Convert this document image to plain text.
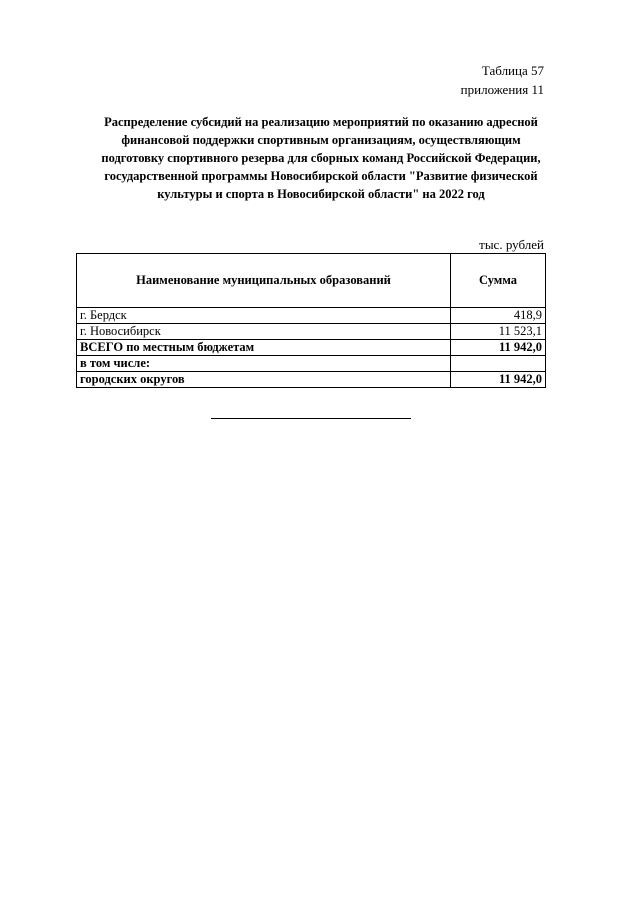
Таблица 57
приложения 11
Распределение субсидий на реализацию мероприятий по оказанию адресной
финансовой поддержки спортивным организациям, осуществляющим
подготовку спортивного резерва для сборных команд Российской Федерации,
государственной программы Новосибирской области "Развитие физической
культуры и спорта в Новосибирской области" на 2022 год
тыс. рублей
Наименование муниципальных образований	Сумма
г. Бердск	418,9
г. Новосибирск	11 523,1
ВСЕГО по местным бюджетам	11 942,0
в том числе:	
городских округов	11 942,0
